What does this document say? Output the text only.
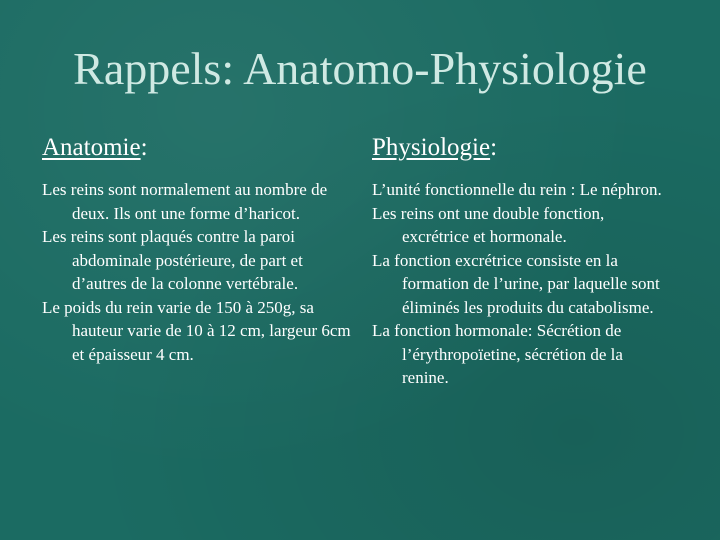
Rappels: Anatomo-Physiologie
Anatomie:

Les reins sont normalement au nombre de deux. Ils ont une forme d’haricot.

Les reins sont plaqués contre la paroi abdominale postérieure, de part et d’autres de la colonne vertébrale.

Le poids du rein varie de 150 à 250g, sa hauteur varie de 10 à 12 cm, largeur 6cm et épaisseur 4 cm.

Physiologie:

L’unité fonctionnelle du rein : Le néphron.

Les reins ont une double fonction, excrétrice et hormonale.

La fonction excrétrice consiste en la formation de l’urine, par laquelle sont éliminés les produits du catabolisme.

La fonction hormonale: Sécrétion de l’érythropoïetine, sécrétion de la renine.
